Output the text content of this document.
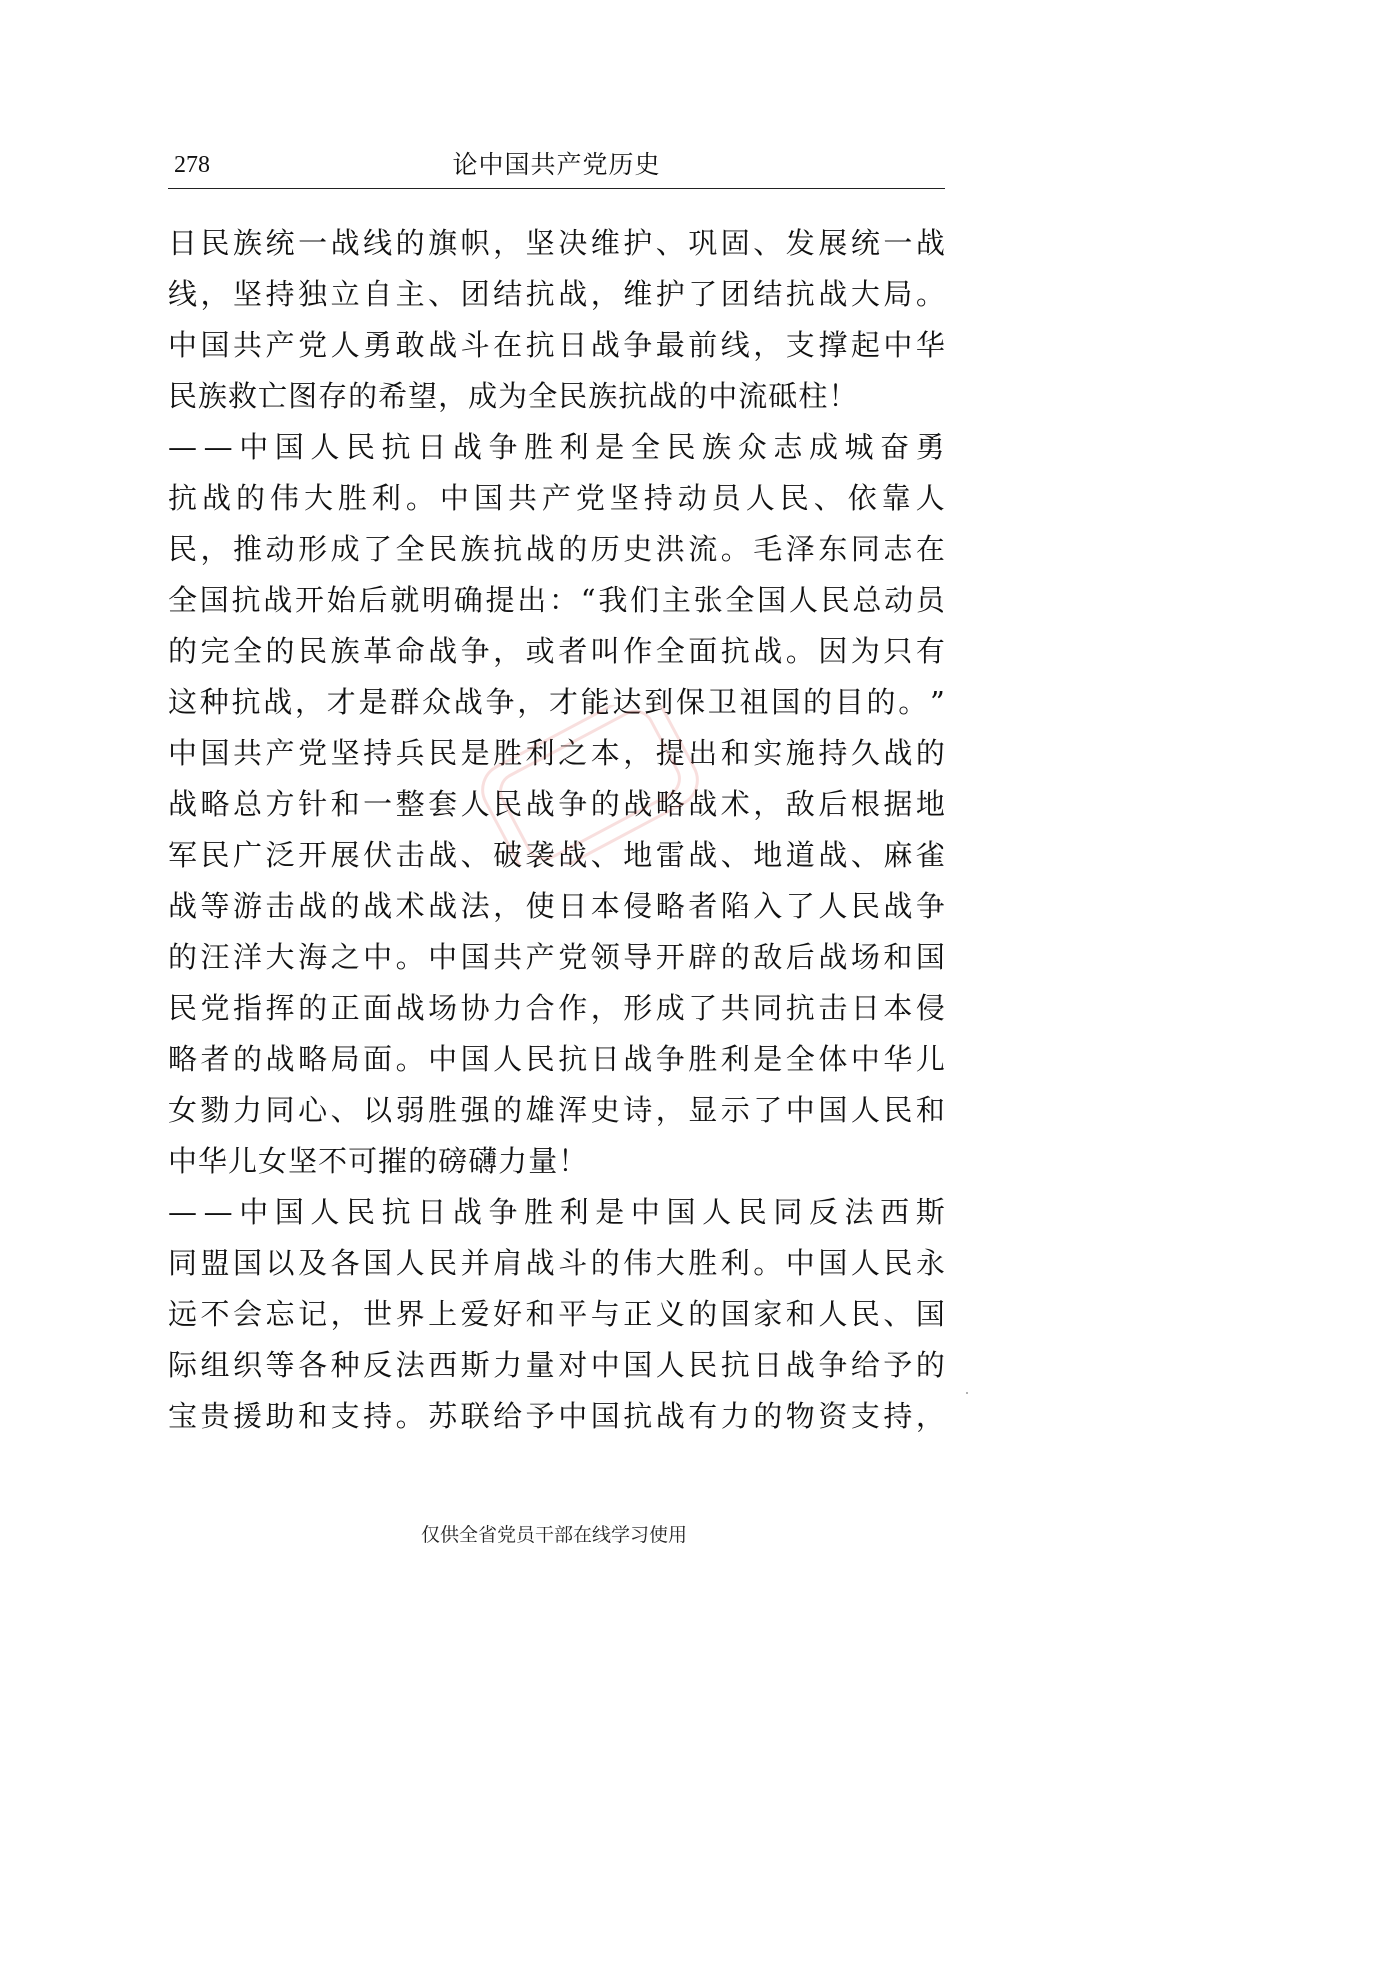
278	论中国共产党历史
日 民 族 统 一 战 线 的 旗 帜 ， 坚 决 维 护 、 巩 固 、 发 展 统 一 战
线 ， 坚 持 独 立 自 主 、 团 结 抗 战 ， 维 护 了 团 结 抗 战 大 局 。
中 国 共 产 党 人 勇 敢 战 斗 在 抗 日 战 争 最 前 线 ， 支 撑 起 中 华
民 族 救 亡 图 存 的 希 望 ， 成 为 全 民 族 抗 战 的 中 流 砥 柱 ！
— — 中 国 人 民 抗 日 战 争 胜 利 是 全 民 族 众 志 成 城 奋 勇
抗 战 的 伟 大 胜 利 。 中 国 共 产 党 坚 持 动 员 人 民 、 依 靠 人
民 ， 推 动 形 成 了 全 民 族 抗 战 的 历 史 洪 流 。 毛 泽 东 同 志 在
全 国 抗 战 开 始 后 就 明 确 提 出 ： “ 我 们 主 张 全 国 人 民 总 动 员
的 完 全 的 民 族 革 命 战 争 ， 或 者 叫 作 全 面 抗 战 。 因 为 只 有
这 种 抗 战 ， 才 是 群 众 战 争 ， 才 能 达 到 保 卫 祖 国 的 目 的 。 ”
中 国 共 产 党 坚 持 兵 民 是 胜 利 之 本 ， 提 出 和 实 施 持 久 战 的
战 略 总 方 针 和 一 整 套 人 民 战 争 的 战 略 战 术 ， 敌 后 根 据 地
军 民 广 泛 开 展 伏 击 战 、 破 袭 战 、 地 雷 战 、 地 道 战 、 麻 雀
战 等 游 击 战 的 战 术 战 法 ， 使 日 本 侵 略 者 陷 入 了 人 民 战 争
的 汪 洋 大 海 之 中 。 中 国 共 产 党 领 导 开 辟 的 敌 后 战 场 和 国
民 党 指 挥 的 正 面 战 场 协 力 合 作 ， 形 成 了 共 同 抗 击 日 本 侵
略 者 的 战 略 局 面 。 中 国 人 民 抗 日 战 争 胜 利 是 全 体 中 华 儿
女 勠 力 同 心 、 以 弱 胜 强 的 雄 浑 史 诗 ， 显 示 了 中 国 人 民 和
中 华 儿 女 坚 不 可 摧 的 磅 礴 力 量 ！
— — 中 国 人 民 抗 日 战 争 胜 利 是 中 国 人 民 同 反 法 西 斯
同 盟 国 以 及 各 国 人 民 并 肩 战 斗 的 伟 大 胜 利 。 中 国 人 民 永
远 不 会 忘 记 ， 世 界 上 爱 好 和 平 与 正 义 的 国 家 和 人 民 、 国
际 组 织 等 各 种 反 法 西 斯 力 量 对 中 国 人 民 抗 日 战 争 给 予 的
宝 贵 援 助 和 支 持 。 苏 联 给 予 中 国 抗 战 有 力 的 物 资 支 持 ，
仅供全省党员干部在线学习使用
